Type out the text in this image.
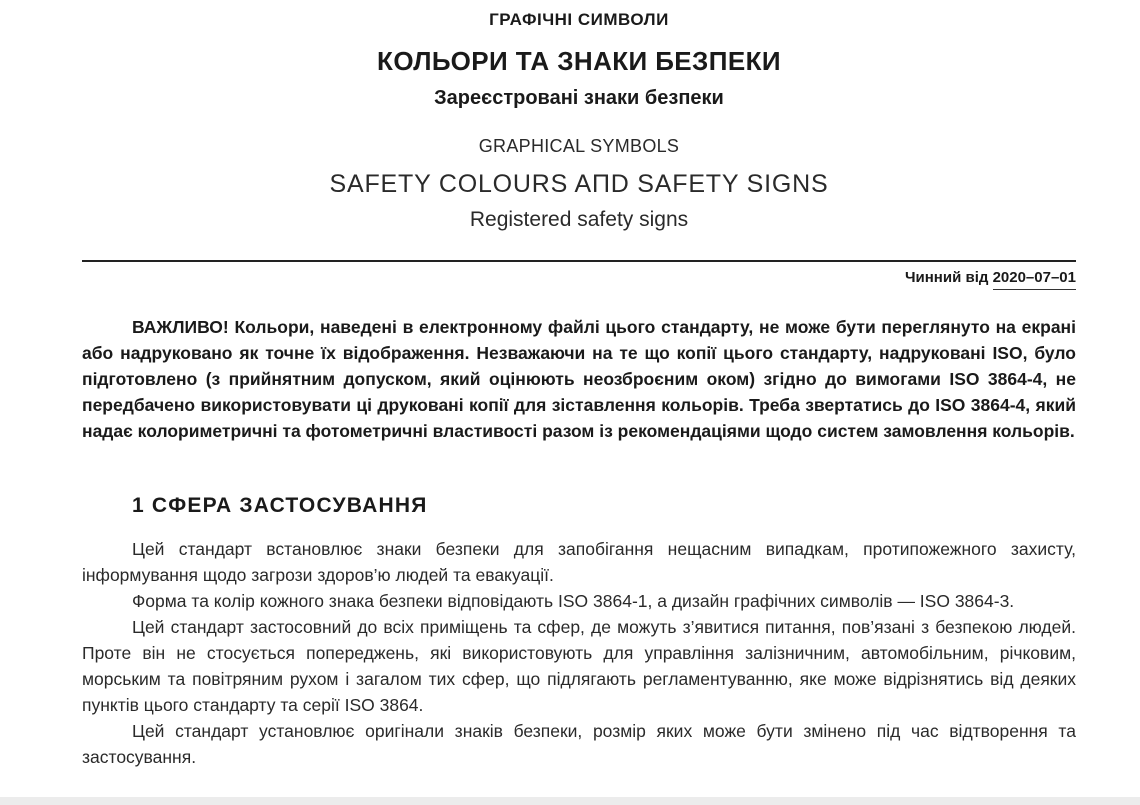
ГРАФІЧНІ СИМВОЛИ
КОЛЬОРИ ТА ЗНАКИ БЕЗПЕКИ
Зареєстровані знаки безпеки
GRAPHICAL SYMBOLS
SAFETY COLOURS AПD SAFETY SIGNS
Registered safety signs
Чинний від 2020–07–01
ВАЖЛИВО! Кольори, наведені в електронному файлі цього стандарту, не може бути переглянуто на екрані або надруковано як точне їх відображення. Незважаючи на те що копії цього стандарту, надруковані ISO, було підготовлено (з прийнятним допуском, який оцінюють неозброєним оком) згідно до вимогами ISO 3864-4, не передбачено використовувати ці друковані копії для зіставлення кольорів. Треба звертатись до ISO 3864-4, який надає колориметричні та фотометричні властивості разом із рекомендаціями щодо систем замовлення кольорів.
1 СФЕРА ЗАСТОСУВАННЯ

Цей стандарт встановлює знаки безпеки для запобігання нещасним випадкам, протипожежного захисту, інформування щодо загрози здоров’ю людей та евакуації.

Форма та колір кожного знака безпеки відповідають ISO 3864-1, а дизайн графічних символів — ISO 3864-3.

Цей стандарт застосовний до всіх приміщень та сфер, де можуть з’явитися питання, пов’язані з безпекою людей. Проте він не стосується попереджень, які використовують для управління залізничним, автомобільним, річковим, морським та повітряним рухом і загалом тих сфер, що підлягають регламентуванню, яке може відрізнятись від деяких пунктів цього стандарту та серії ISO 3864.

Цей стандарт установлює оригінали знаків безпеки, розмір яких може бути змінено під час відтворення та застосування.
